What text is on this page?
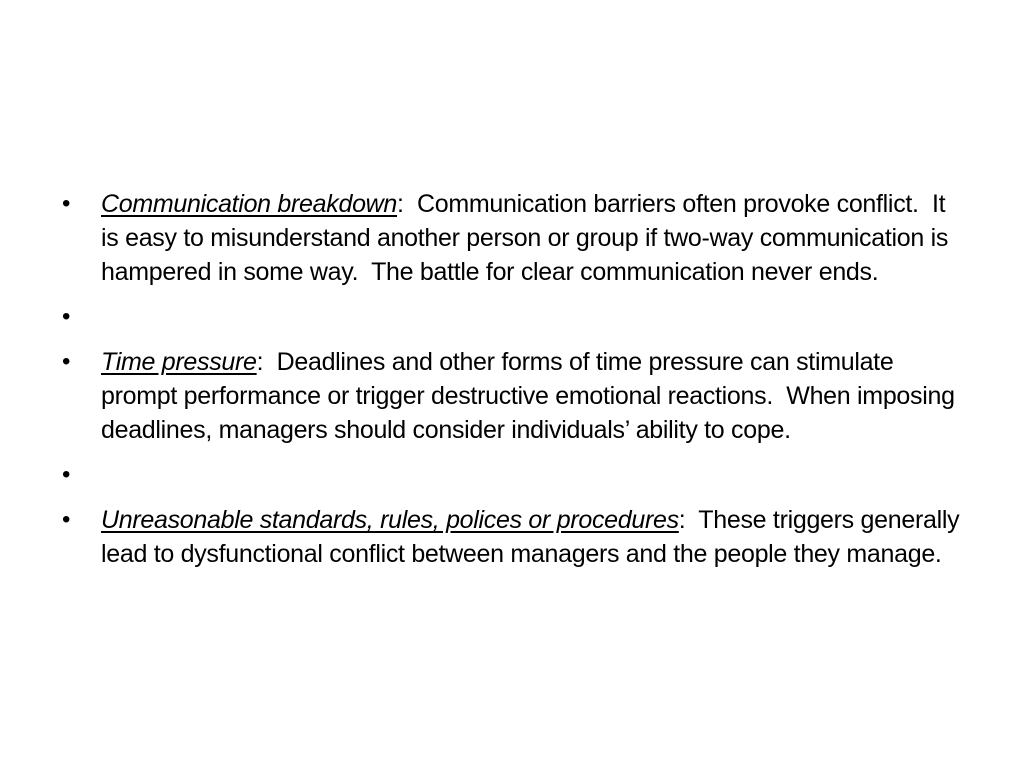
• Communication breakdown:  Communication barriers often provoke conflict.  It is easy to misunderstand another person or group if two-way communication is hampered in some way.  The battle for clear communication never ends.
•
• Time pressure:  Deadlines and other forms of time pressure can stimulate prompt performance or trigger destructive emotional reactions.  When imposing deadlines, managers should consider individuals’ ability to cope.
•
• Unreasonable standards, rules, polices or procedures:  These triggers generally lead to dysfunctional conflict between managers and the people they manage.
